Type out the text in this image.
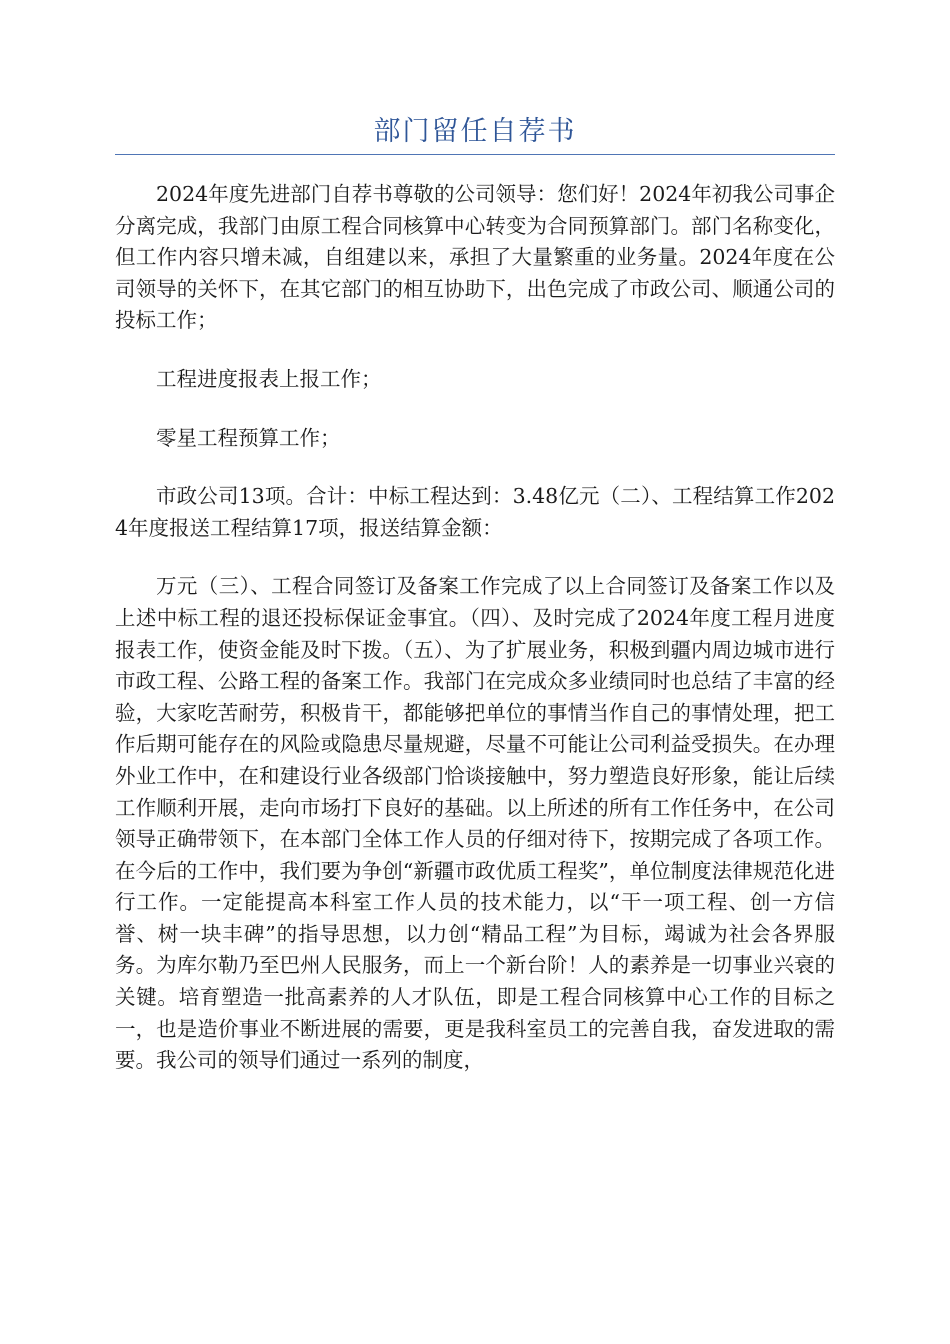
部门留任自荐书

2024年度先进部门自荐书尊敬的公司领导：您们好！2024年初我公司事企分离完成，我部门由原工程合同核算中心转变为合同预算部门。部门名称变化，但工作内容只增未减，自组建以来，承担了大量繁重的业务量。2024年度在公司领导的关怀下，在其它部门的相互协助下，出色完成了市政公司、顺通公司的投标工作；

工程进度报表上报工作；

零星工程预算工作；

市政公司13项。合计：中标工程达到：3.48亿元（二）、工程结算工作2024年度报送工程结算17项，报送结算金额：

万元（三）、工程合同签订及备案工作完成了以上合同签订及备案工作以及上述中标工程的退还投标保证金事宜。（四）、及时完成了2024年度工程月进度报表工作，使资金能及时下拨。（五）、为了扩展业务，积极到疆内周边城市进行市政工程、公路工程的备案工作。我部门在完成众多业绩同时也总结了丰富的经验，大家吃苦耐劳，积极肯干，都能够把单位的事情当作自己的事情处理，把工作后期可能存在的风险或隐患尽量规避，尽量不可能让公司利益受损失。在办理外业工作中，在和建设行业各级部门恰谈接触中，努力塑造良好形象，能让后续工作顺利开展，走向市场打下良好的基础。以上所述的所有工作任务中，在公司领导正确带领下，在本部门全体工作人员的仔细对待下，按期完成了各项工作。在今后的工作中，我们要为争创“新疆市政优质工程奖”，单位制度法律规范化进行工作。一定能提高本科室工作人员的技术能力，以“干一项工程、创一方信誉、树一块丰碑”的指导思想，以力创“精品工程”为目标，竭诚为社会各界服务。为库尔勒乃至巴州人民服务，而上一个新台阶！人的素养是一切事业兴衰的关键。培育塑造一批高素养的人才队伍，即是工程合同核算中心工作的目标之一，也是造价事业不断进展的需要，更是我科室员工的完善自我，奋发进取的需要。我公司的领导们通过一系列的制度，
